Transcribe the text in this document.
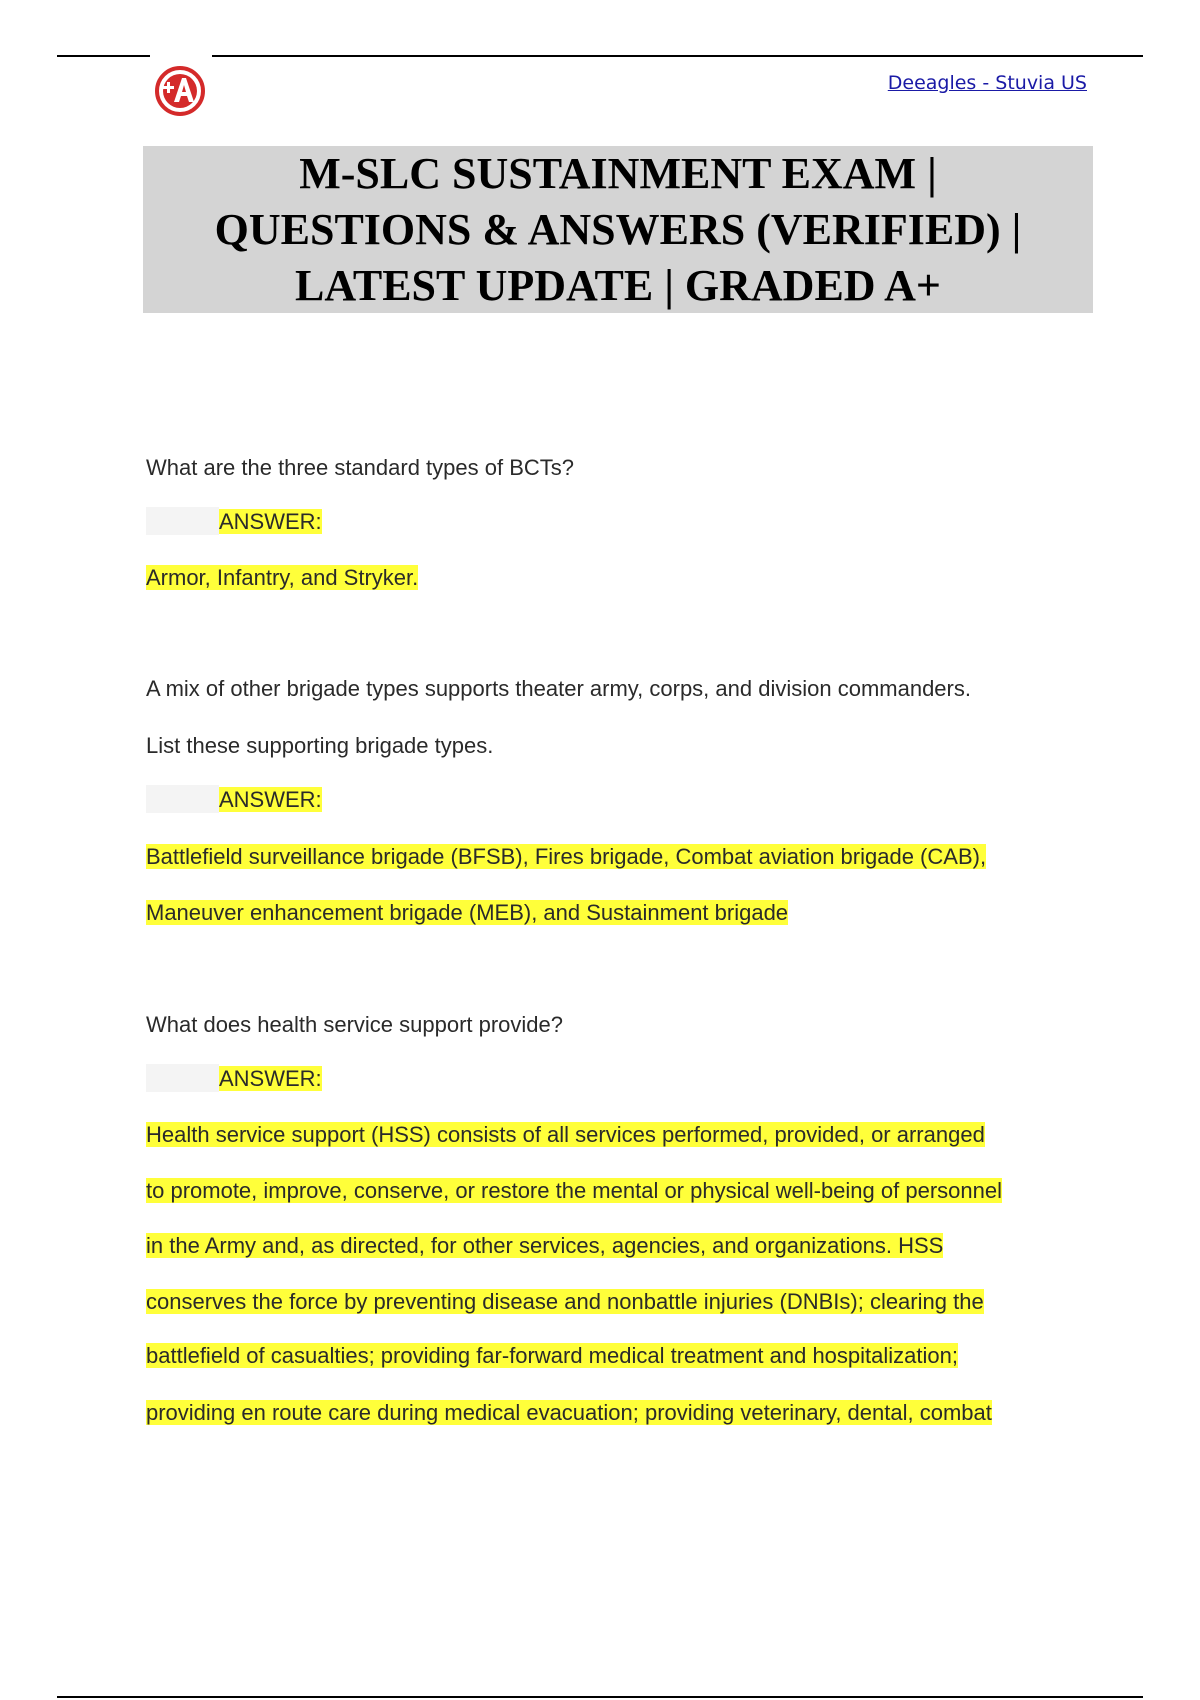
Deeagles - Stuvia US
M-SLC SUSTAINMENT EXAM |
QUESTIONS & ANSWERS (VERIFIED) |
LATEST UPDATE | GRADED A+
What are the three standard types of BCTs?
ANSWER:
Armor, Infantry, and Stryker.
A mix of other brigade types supports theater army, corps, and division commanders.
List these supporting brigade types.
ANSWER:
Battlefield surveillance brigade (BFSB), Fires brigade, Combat aviation brigade (CAB),
Maneuver enhancement brigade (MEB), and Sustainment brigade
What does health service support provide?
ANSWER:
Health service support (HSS) consists of all services performed, provided, or arranged
to promote, improve, conserve, or restore the mental or physical well-being of personnel
in the Army and, as directed, for other services, agencies, and organizations. HSS
conserves the force by preventing disease and nonbattle injuries (DNBIs); clearing the
battlefield of casualties; providing far-forward medical treatment and hospitalization;
providing en route care during medical evacuation; providing veterinary, dental, combat
